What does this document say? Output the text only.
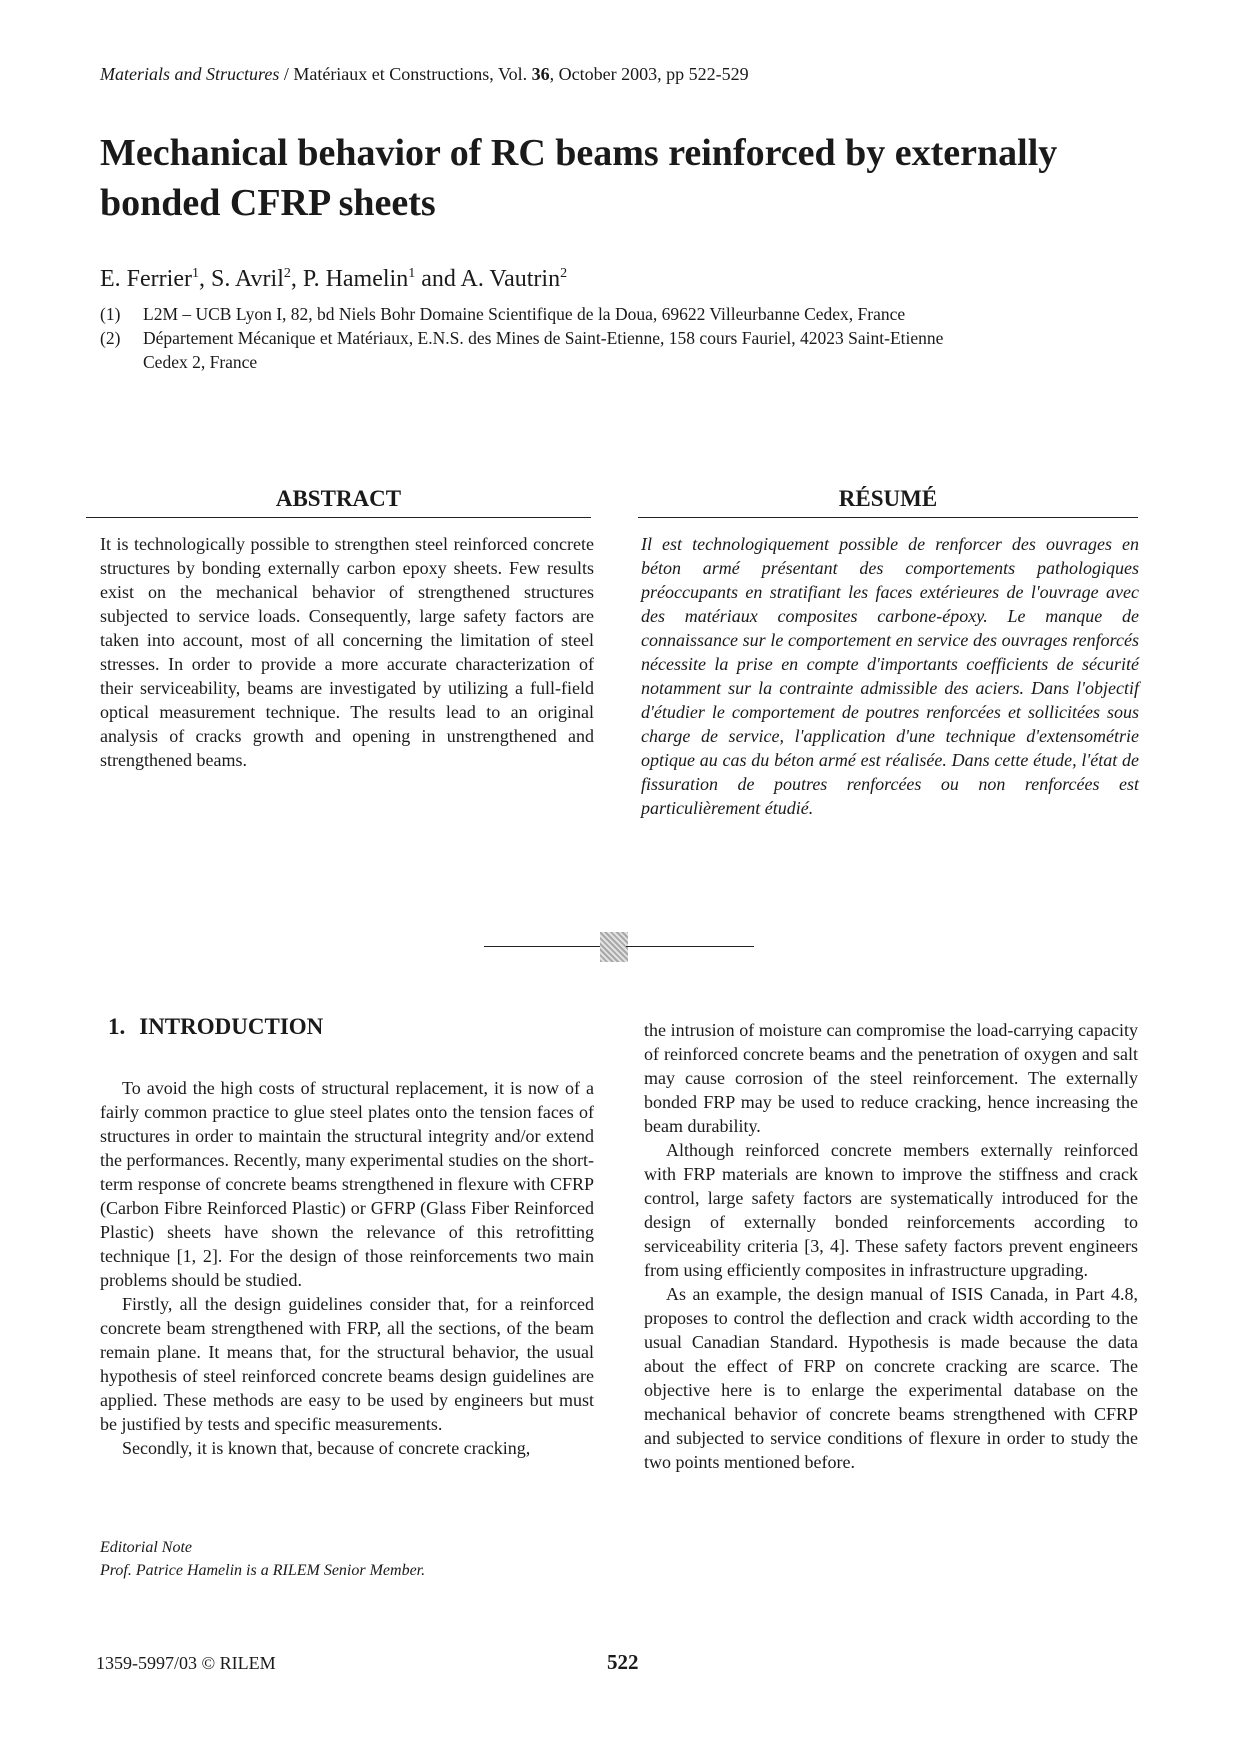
Materials and Structures / Matériaux et Constructions, Vol. 36, October 2003, pp 522-529
Mechanical behavior of RC beams reinforced by externally bonded CFRP sheets
E. Ferrier$^1$, S. Avril$^2$, P. Hamelin$^1$ and A. Vautrin$^2$
(1) L2M – UCB Lyon I, 82, bd Niels Bohr Domaine Scientifique de la Doua, 69622 Villeurbanne Cedex, France
(2) Département Mécanique et Matériaux, E.N.S. des Mines de Saint-Etienne, 158 cours Fauriel, 42023 Saint-Etienne
Cedex 2, France
ABSTRACT

It is technologically possible to strengthen steel reinforced concrete structures by bonding externally carbon epoxy sheets. Few results exist on the mechanical behavior of strengthened structures subjected to service loads. Consequently, large safety factors are taken into account, most of all concerning the limitation of steel stresses. In order to provide a more accurate characterization of their serviceability, beams are investigated by utilizing a full-field optical measurement technique. The results lead to an original analysis of cracks growth and opening in unstrengthened and strengthened beams.

RÉSUMÉ

Il est technologiquement possible de renforcer des ouvrages en béton armé présentant des comportements pathologiques préoccupants en stratifiant les faces extérieures de l'ouvrage avec des matériaux composites carbone-époxy. Le manque de connaissance sur le comportement en service des ouvrages renforcés nécessite la prise en compte d'importants coefficients de sécurité notamment sur la contrainte admissible des aciers. Dans l'objectif d'étudier le comportement de poutres renforcées et sollicitées sous charge de service, l'application d'une technique d'extensométrie optique au cas du béton armé est réalisée. Dans cette étude, l'état de fissuration de poutres renforcées ou non renforcées est particulièrement étudié.

1. INTRODUCTION

To avoid the high costs of structural replacement, it is now of a fairly common practice to glue steel plates onto the tension faces of structures in order to maintain the structural integrity and/or extend the performances. Recently, many experimental studies on the short-term response of concrete beams strengthened in flexure with CFRP (Carbon Fibre Reinforced Plastic) or GFRP (Glass Fiber Reinforced Plastic) sheets have shown the relevance of this retrofitting technique [1, 2]. For the design of those reinforcements two main problems should be studied.

Firstly, all the design guidelines consider that, for a reinforced concrete beam strengthened with FRP, all the sections, of the beam remain plane. It means that, for the structural behavior, the usual hypothesis of steel reinforced concrete beams design guidelines are applied. These methods are easy to be used by engineers but must be justified by tests and specific measurements.

Secondly, it is known that, because of concrete cracking,

the intrusion of moisture can compromise the load-carrying capacity of reinforced concrete beams and the penetration of oxygen and salt may cause corrosion of the steel reinforcement. The externally bonded FRP may be used to reduce cracking, hence increasing the beam durability.

Although reinforced concrete members externally reinforced with FRP materials are known to improve the stiffness and crack control, large safety factors are systematically introduced for the design of externally bonded reinforcements according to serviceability criteria [3, 4]. These safety factors prevent engineers from using efficiently composites in infrastructure upgrading.

As an example, the design manual of ISIS Canada, in Part 4.8, proposes to control the deflection and crack width according to the usual Canadian Standard. Hypothesis is made because the data about the effect of FRP on concrete cracking are scarce. The objective here is to enlarge the experimental database on the mechanical behavior of concrete beams strengthened with CFRP and subjected to service conditions of flexure in order to study the two points mentioned before.

Editorial Note
Prof. Patrice Hamelin is a RILEM Senior Member.
1359-5997/03 © RILEM	522
